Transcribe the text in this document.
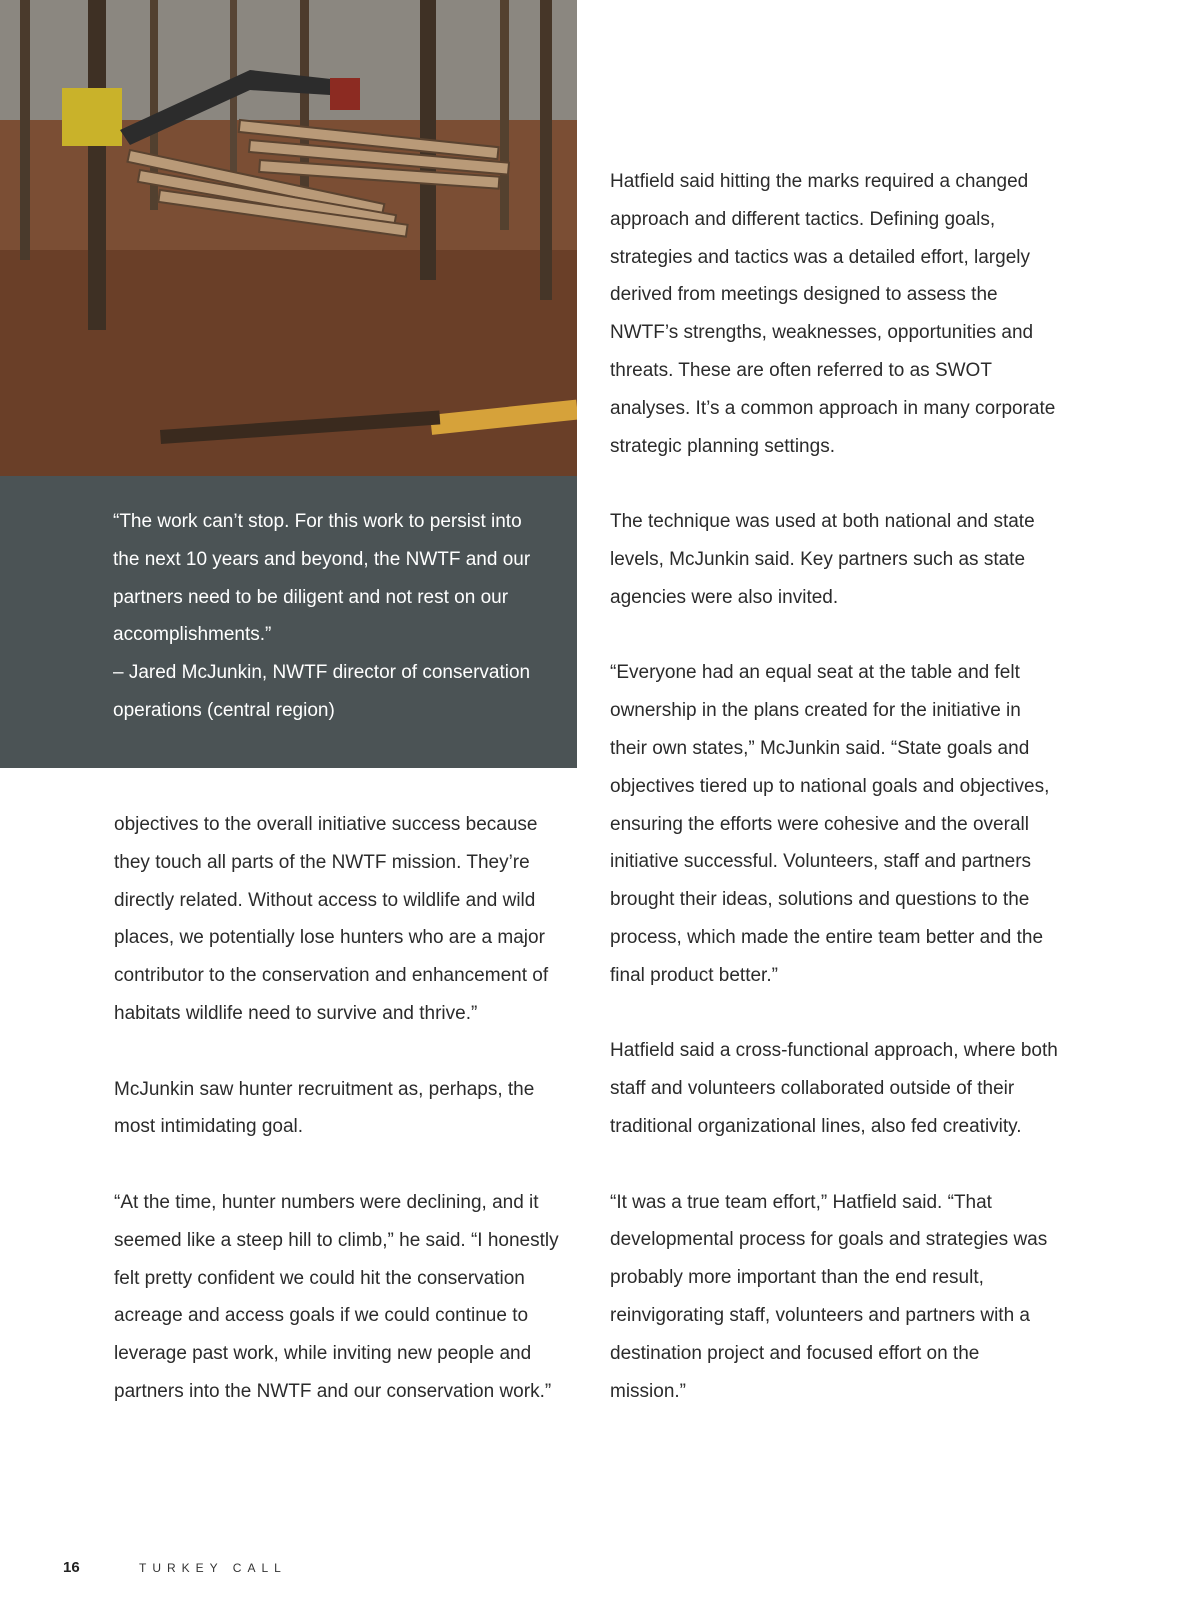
“The work can’t stop. For this work to persist into the next 10 years and beyond, the NWTF and our partners need to be diligent and not rest on our accomplishments.”

– Jared McJunkin, NWTF director of conservation operations (central region)

objectives to the overall initiative success because they touch all parts of the NWTF mission. They’re directly related. Without access to wildlife and wild places, we potentially lose hunters who are a major contributor to the conservation and enhancement of habitats wildlife need to survive and thrive.”

McJunkin saw hunter recruitment as, perhaps, the most intimidating goal.

“At the time, hunter numbers were declining, and it seemed like a steep hill to climb,” he said. “I honestly felt pretty confident we could hit the conservation acreage and access goals if we could continue to leverage past work, while inviting new people and partners into the NWTF and our conservation work.”

Hatfield said hitting the marks required a changed approach and different tactics. Defining goals, strategies and tactics was a detailed effort, largely derived from meetings designed to assess the NWTF’s strengths, weaknesses, opportunities and threats. These are often referred to as SWOT analyses. It’s a common approach in many corporate strategic planning settings.

The technique was used at both national and state levels, McJunkin said. Key partners such as state agencies were also invited.

“Everyone had an equal seat at the table and felt ownership in the plans created for the initiative in their own states,” McJunkin said. “State goals and objectives tiered up to national goals and objectives, ensuring the efforts were cohesive and the overall initiative successful. Volunteers, staff and partners brought their ideas, solutions and questions to the process, which made the entire team better and the final product better.”

Hatfield said a cross-functional approach, where both staff and volunteers collaborated outside of their traditional organizational lines, also fed creativity.

“It was a true team effort,” Hatfield said. “That developmental process for goals and strategies was probably more important than the end result, reinvigorating staff, volunteers and partners with a destination project and focused effort on the mission.”

16	TURKEY CALL
